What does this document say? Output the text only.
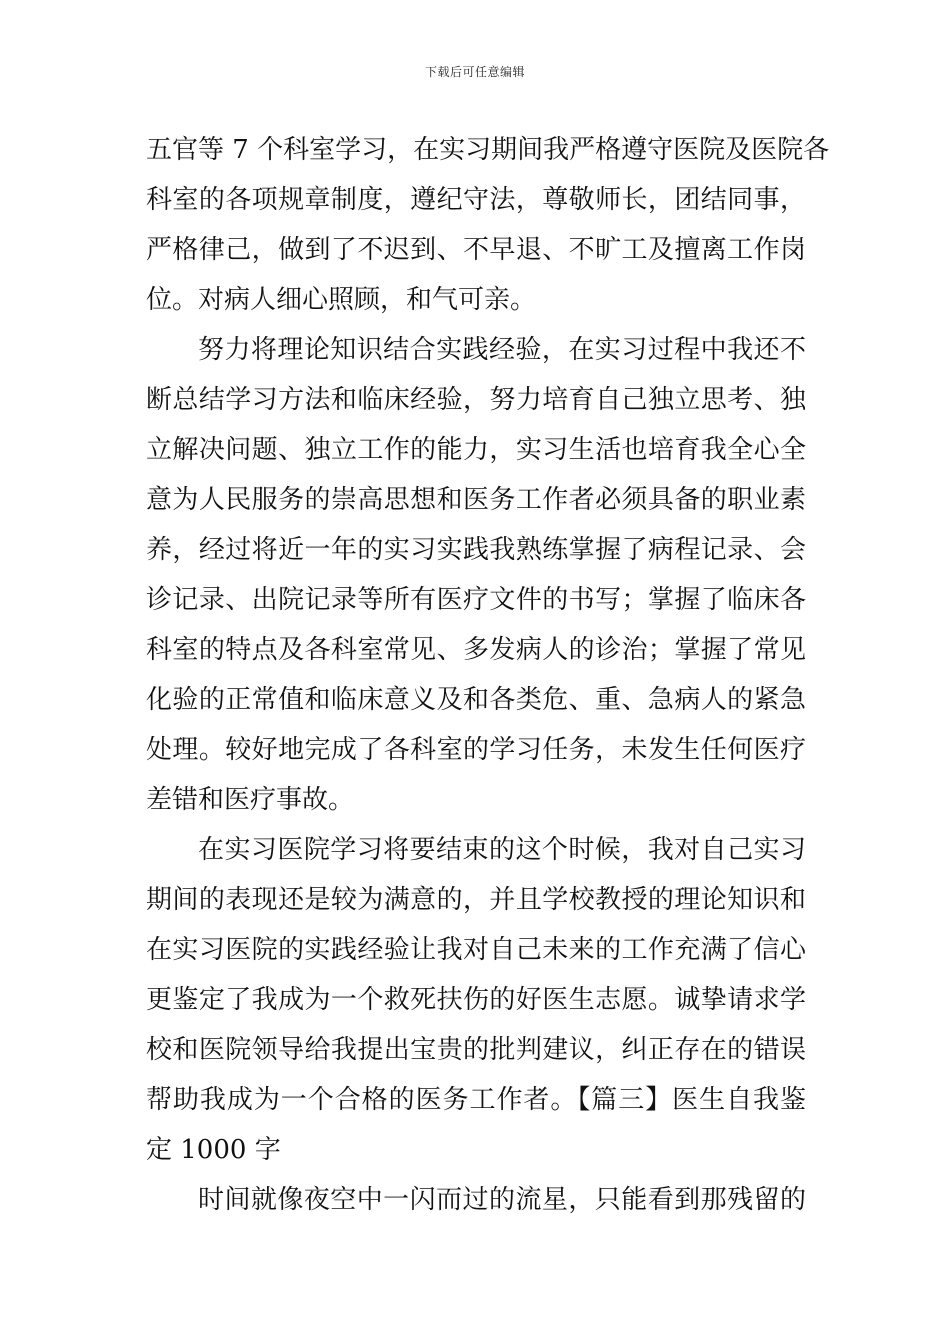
下载后可任意编辑
五官等 7 个科室学习，在实习期间我严格遵守医院及医院各
科室的各项规章制度，遵纪守法，尊敬师长，团结同事，
严格律己，做到了不迟到、不早退、不旷工及擅离工作岗
位。对病人细心照顾，和气可亲。
努力将理论知识结合实践经验，在实习过程中我还不
断总结学习方法和临床经验，努力培育自己独立思考、独
立解决问题、独立工作的能力，实习生活也培育我全心全
意为人民服务的崇高思想和医务工作者必须具备的职业素
养，经过将近一年的实习实践我熟练掌握了病程记录、会
诊记录、出院记录等所有医疗文件的书写；掌握了临床各
科室的特点及各科室常见、多发病人的诊治；掌握了常见
化验的正常值和临床意义及和各类危、重、急病人的紧急
处理。较好地完成了各科室的学习任务，未发生任何医疗
差错和医疗事故。
在实习医院学习将要结束的这个时候，我对自己实习
期间的表现还是较为满意的，并且学校教授的理论知识和
在实习医院的实践经验让我对自己未来的工作充满了信心
更鉴定了我成为一个救死扶伤的好医生志愿。诚挚请求学
校和医院领导给我提出宝贵的批判建议，纠正存在的错误
帮助我成为一个合格的医务工作者。【篇三】医生自我鉴
定 1000 字
时间就像夜空中一闪而过的流星，只能看到那残留的
